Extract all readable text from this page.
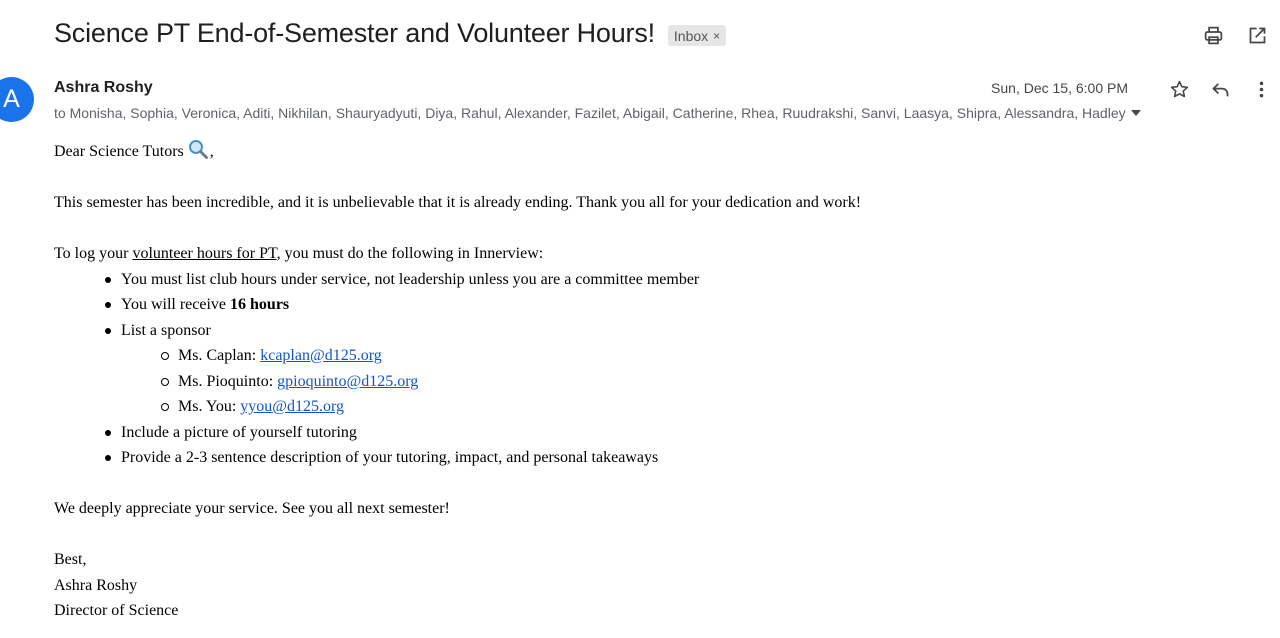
Science PT End-of-Semester and Volunteer Hours! Inbox ×
A	Ashra Roshy	Sun, Dec 15, 6:00 PM
to Monisha, Sophia, Veronica, Aditi, Nikhilan, Shauryadyuti, Diya, Rahul, Alexander, Fazilet, Abigail, Catherine, Rhea, Ruudrakshi, Sanvi, Laasya, Shipra, Alessandra, Hadley

Dear Science Tutors ,

This semester has been incredible, and it is unbelievable that it is already ending. Thank you all for your dedication and work!

To log your volunteer hours for PT, you must do the following in Innerview:

You must list club hours under service, not leadership unless you are a committee member
You will receive 16 hours
List a sponsor
Ms. Caplan: kcaplan@d125.org
Ms. Pioquinto: gpioquinto@d125.org
Ms. You: yyou@d125.org
Include a picture of yourself tutoring
Provide a 2-3 sentence description of your tutoring, impact, and personal takeaways

We deeply appreciate your service. See you all next semester!

Best,

Ashra Roshy

Director of Science
